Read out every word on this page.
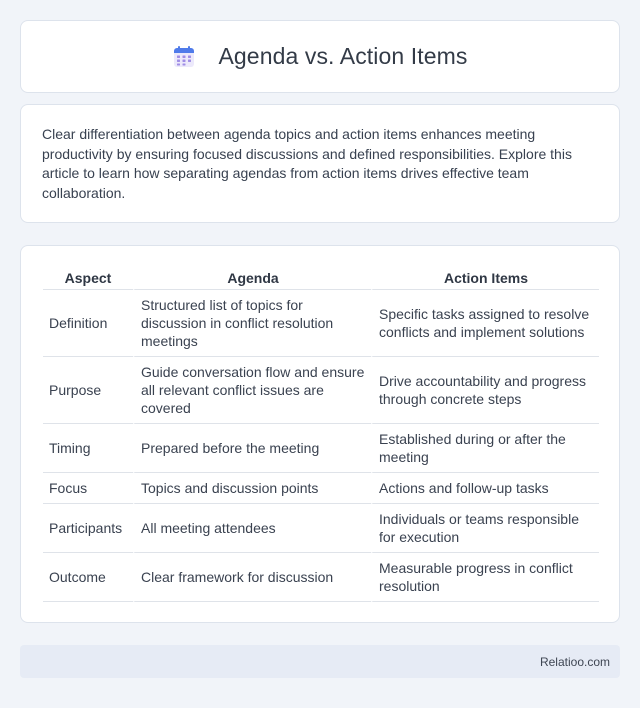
Agenda vs. Action Items

Clear differentiation between agenda topics and action items enhances meeting productivity by ensuring focused discussions and defined responsibilities. Explore this article to learn how separating agendas from action items drives effective team collaboration.

Aspect	Agenda	Action Items
Definition	Structured list of topics for discussion in conflict resolution meetings	Specific tasks assigned to resolve conflicts and implement solutions
Purpose	Guide conversation flow and ensure all relevant conflict issues are covered	Drive accountability and progress through concrete steps
Timing	Prepared before the meeting	Established during or after the meeting
Focus	Topics and discussion points	Actions and follow-up tasks
Participants	All meeting attendees	Individuals or teams responsible for execution
Outcome	Clear framework for discussion	Measurable progress in conflict resolution
Relatioo.com
